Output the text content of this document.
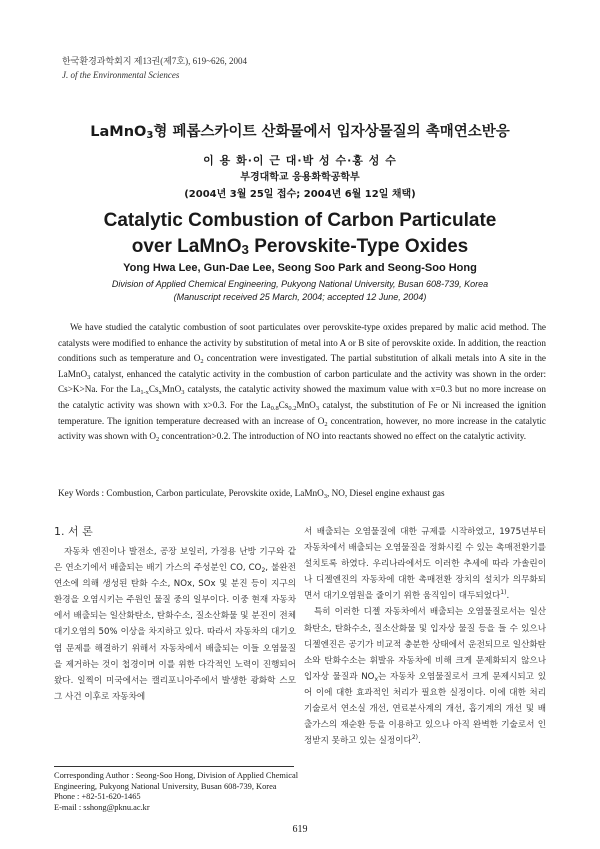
한국환경과학회지 제13권(제7호), 619~626, 2004
J. of the Environmental Sciences
LaMnO$_3$형 페롭스카이트 산화물에서 입자상물질의 촉매연소반응
이 용 화·이 근 대·박 성 수·홍 성 수
부경대학교 응용화학공학부
(2004년 3월 25일 접수; 2004년 6월 12일 채택)
Catalytic Combustion of Carbon Particulate
over LaMnO$_3$ Perovskite-Type Oxides
Yong Hwa Lee, Gun-Dae Lee, Seong Soo Park and Seong-Soo Hong
Division of Applied Chemical Engineering, Pukyong National University, Busan 608-739, Korea
(Manuscript received 25 March, 2004; accepted 12 June, 2004)
We have studied the catalytic combustion of soot particulates over perovskite-type oxides prepared by malic acid method. The catalysts were modified to enhance the activity by substitution of metal into A or B site of perovskite oxide. In addition, the reaction conditions such as temperature and $O_2$ concentration were investigated. The partial substitution of alkali metals into A site in the LaMnO$_3$ catalyst, enhanced the catalytic activity in the combustion of carbon particulate and the activity was shown in the order: Cs>K>Na. For the $La_{1-x}Cs_xMnO_3$ catalysts, the catalytic activity showed the maximum value with x=0.3 but no more increase on the catalytic activity was shown with x>0.3. For the $La_{0.8}Cs_{0.2}MnO_3$ catalyst, the substitution of Fe or Ni increased the ignition temperature. The ignition temperature decreased with an increase of $O_2$ concentration, however, no more increase in the catalytic activity was shown with $O_2$ concentration>0.2. The introduction of NO into reactants showed no effect on the catalytic activity.
Key Words : Combustion, Carbon particulate, Perovskite oxide, LaMnO$_3$, NO, Diesel engine exhaust gas
1. 서 론

자동차 엔진이나 발전소, 공장 보일러, 가정용 난방 기구와 같은 연소기에서 배출되는 배기 가스의 주성분인 CO, $CO_2$, 불완전 연소에 의해 생성된 탄화 수소, NOx, SOx 및 분진 등이 지구의 환경을 오염시키는 주원인 물질 중의 일부이다. 이중 현재 자동차에서 배출되는 일산화탄소, 탄화수소, 질소산화물 및 분진이 전체 대기오염의 50% 이상을 차지하고 있다. 따라서 자동차의 대기오염 문제를 해결하기 위해서 자동차에서 배출되는 이들 오염물질을 제거하는 것이 첩경이며 이를 위한 다각적인 노력이 진행되어 왔다. 일찍이 미국에서는 캘리포니아주에서 발생한 광화학 스모그 사건 이후로 자동차에

서 배출되는 오염물질에 대한 규제를 시작하였고, 1975년부터 자동차에서 배출되는 오염물질을 정화시킬 수 있는 촉매전환기를 설치토록 하였다. 우리나라에서도 이러한 추세에 따라 가솔린이나 디젤엔진의 자동차에 대한 촉매전환 장치의 설치가 의무화되면서 대기오염원을 줄이기 위한 움직임이 대두되었다$^{1)}$.

특히 이러한 디젤 자동차에서 배출되는 오염물질로서는 일산화탄소, 탄화수소, 질소산화물 및 입자상 물질 등을 들 수 있으나 디젤엔진은 공기가 비교적 충분한 상태에서 운전되므로 일산화탄소와 탄화수소는 휘발유 자동차에 비해 크게 문제화되지 않으나 입자상 물질과 $NO_x$는 자동차 오염물질로서 크게 문제시되고 있어 이에 대한 효과적인 처리가 필요한 실정이다. 이에 대한 처리기술로서 연소실 개선, 연료분사계의 개선, 흡기계의 개선 및 배출가스의 재순환 등을 이용하고 있으나 아직 완벽한 기술로서 인정받지 못하고 있는 실정이다$^{2)}$.

Corresponding Author : Seong-Soo Hong, Division of Applied Chemical Engineering, Pukyong National University, Busan 608-739, Korea
Phone : +82-51-620-1465
E-mail : sshong@pknu.ac.kr
619
